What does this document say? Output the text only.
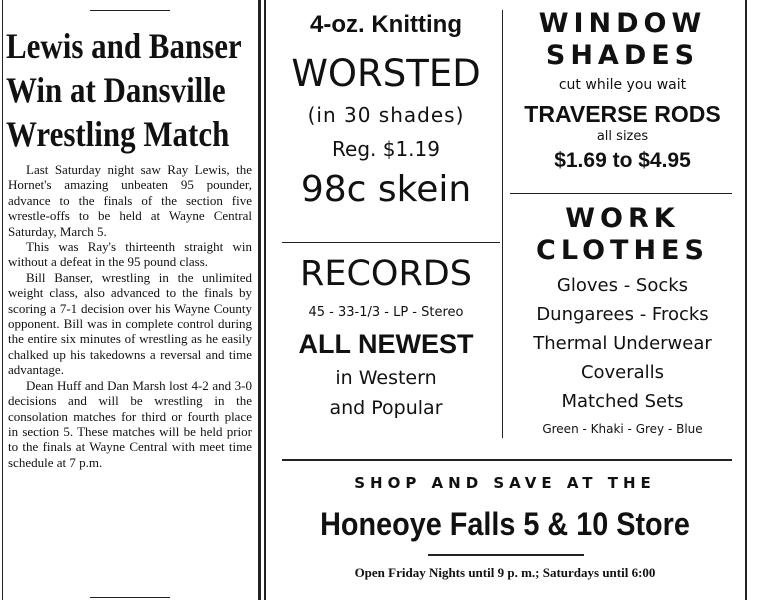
Lewis and Banser
Win at Dansville
Wrestling Match

Last Saturday night saw Ray Lewis, the Hornet's amazing unbeaten 95 pounder, advance to the finals of the section five wrestle-offs to be held at Wayne Central Saturday, March 5.

This was Ray's thirteenth straight win without a defeat in the 95 pound class.

Bill Banser, wrestling in the unlimited weight class, also advanced to the finals by scoring a 7-1 decision over his Wayne County opponent. Bill was in complete control during the entire six minutes of wrestling as he easily chalked up his takedowns a reversal and time advantage.

Dean Huff and Dan Marsh lost 4-2 and 3-0 decisions and will be wrestling in the consolation matches for third or fourth place in section 5. These matches will be held prior to the finals at Wayne Central with meet time schedule at 7 p.m.

4-oz. Knitting
WORSTED
(in 30 shades)
Reg. $1.19
98c skein
RECORDS
45 - 33-1/3 - LP - Stereo
ALL NEWEST
in Western
and Popular
WINDOW
SHADES
cut while you wait
TRAVERSE RODS
all sizes
$1.69 to $4.95
WORK
CLOTHES
Gloves - Socks
Dungarees - Frocks
Thermal Underwear
Coveralls
Matched Sets
Green - Khaki - Grey - Blue
SHOP AND SAVE AT THE
Honeoye Falls 5 & 10 Store
Open Friday Nights until 9 p. m.; Saturdays until 6:00
